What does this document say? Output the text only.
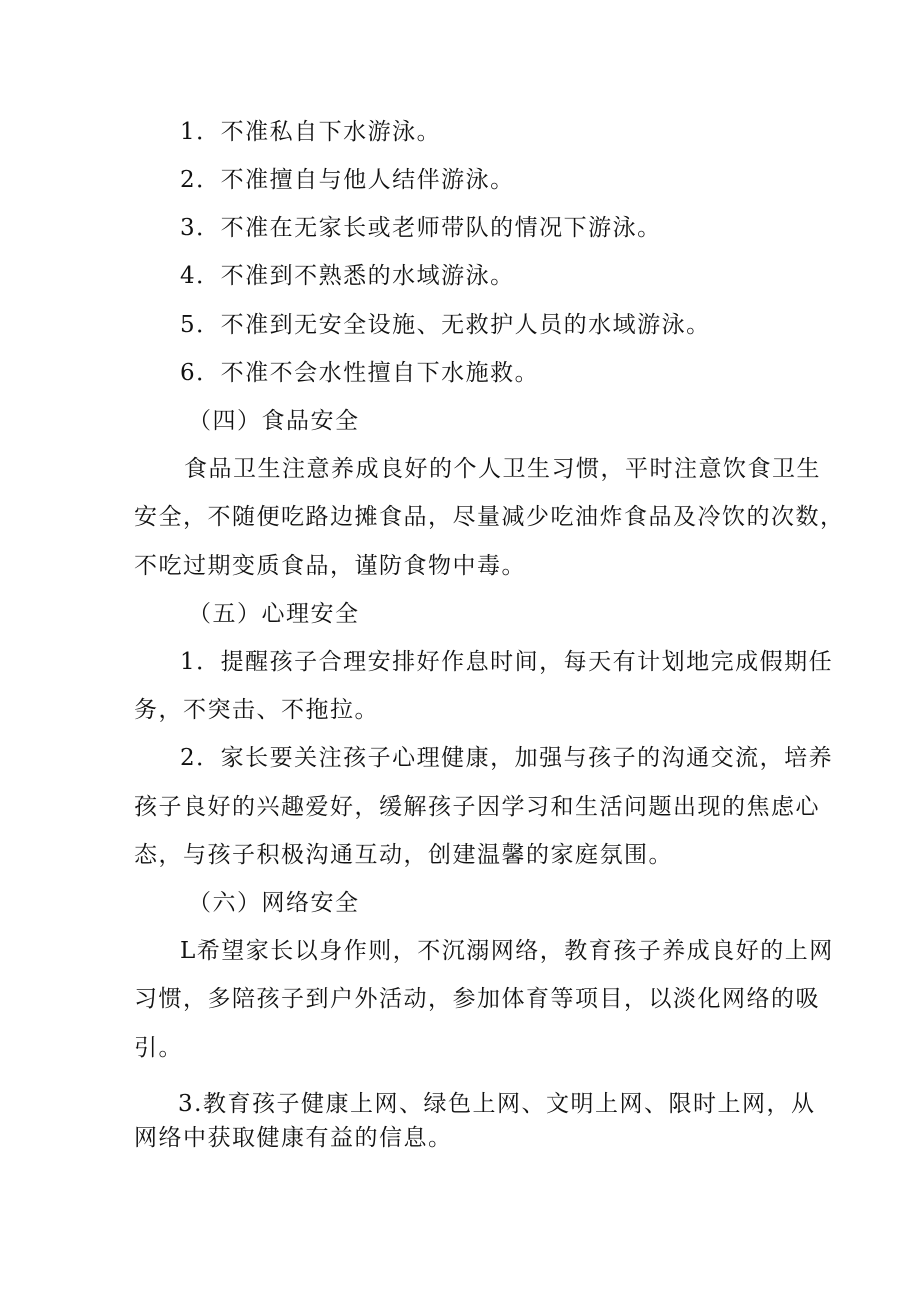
1．不准私自下水游泳。
2．不准擅自与他人结伴游泳。
3．不准在无家长或老师带队的情况下游泳。
4．不准到不熟悉的水域游泳。
5．不准到无安全设施、无救护人员的水域游泳。
6．不准不会水性擅自下水施救。
（四）食品安全
食品卫生注意养成良好的个人卫生习惯，平时注意饮食卫生
安全，不随便吃路边摊食品，尽量减少吃油炸食品及冷饮的次数，
不吃过期变质食品，谨防食物中毒。
（五）心理安全
1．提醒孩子合理安排好作息时间，每天有计划地完成假期任
务，不突击、不拖拉。
2．家长要关注孩子心理健康，加强与孩子的沟通交流，培养
孩子良好的兴趣爱好，缓解孩子因学习和生活问题出现的焦虑心
态，与孩子积极沟通互动，创建温馨的家庭氛围。
（六）网络安全
L希望家长以身作则，不沉溺网络，教育孩子养成良好的上网
习惯，多陪孩子到户外活动，参加体育等项目，以淡化网络的吸
引。
3.教育孩子健康上网、绿色上网、文明上网、限时上网，从
网络中获取健康有益的信息。
